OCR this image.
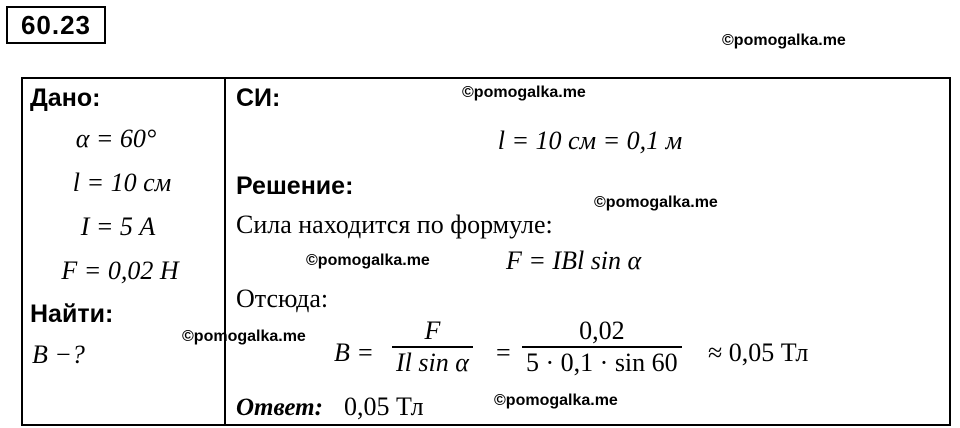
60.23
©pomogalka.me
Дано:
α = 60°
l = 10 см
I = 5 А
F = 0,02 Н
Найти:
B −?
СИ:	©pomogalka.me
l = 10 см = 0,1 м
Решение:
©pomogalka.me
Сила находится по формуле:
©pomogalka.me	F = IBl sin α
Отсюда:
©pomogalka.me
B =
F
Il sin α =
0,02
5 · 0,1 · sin 60 ≈ 0,05 Тл
Ответ: 0,05 Тл	©pomogalka.me
